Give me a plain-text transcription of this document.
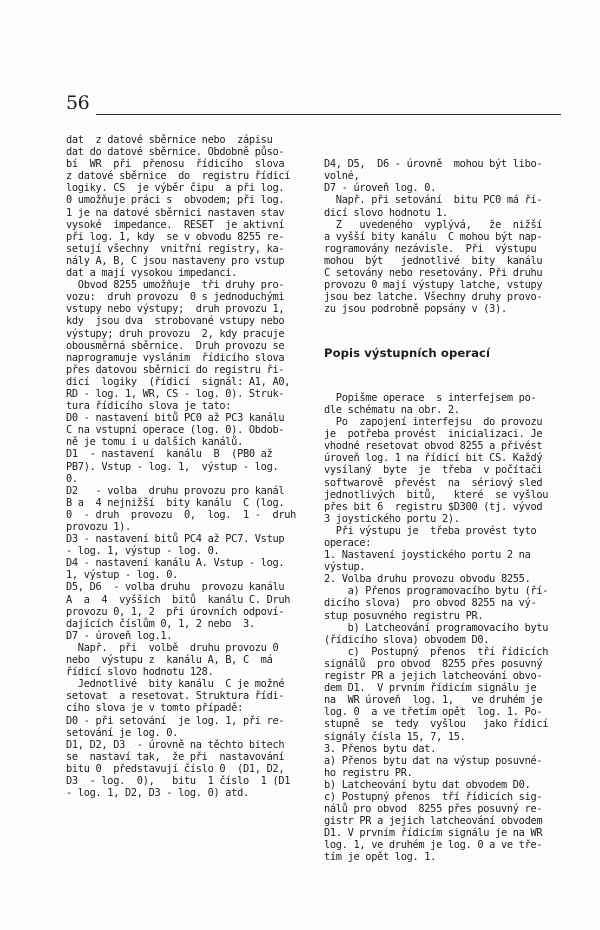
56
dat  z datové sběrnice nebo  zápisu
dat do datové sběrnice. Obdobně půso-
bí  WR  při  přenosu  řídicího  slova
z datové sběrnice  do  registru řídicí
logiky. CS  je výběr čipu  a při log.
0 umožňuje práci s  obvodem; při log.
1 je na datové sběrnici nastaven stav
vysoké  impedance.  RESET  je aktivní
při log. 1, kdy  se v obvodu 8255 re-
setují všechny  vnitřní registry, ka-
nály A, B, C jsou nastaveny pro vstup
dat a mají vysokou impedanci.
Obvod 8255 umožňuje  tři druhy pro-
vozu:  druh provozu  0 s jednoduchými
vstupy nebo výstupy;  druh provozu 1,
kdy  jsou dva  strobované vstupy nebo
výstupy; druh provozu  2, kdy pracuje
obousměrná sběrnice.  Druh provozu se
naprogramuje vyslánim  řídicího slova
přes datovou sběrnici do registru ři-
dicí  logiky  (řídicí  signál: A1, A0,
RD - log. 1, WR, CS - log. 0). Struk-
tura řídicího slova je tato:
D0 - nastavení bitů PC0 až PC3 kanálu
C na vstupní operace (log. 0). Obdob-
ně je tomu i u dalších kanálů.
D1  - nastavení  kanálu  B  (PB0 až
PB7). Vstup - log. 1,  výstup - log.
0.
D2   - volba  druhu provozu pro kanál
B a  4 nejnižší  bity kanálu  C (log.
0  - druh  provozu  0,  log.  1 -  druh
provozu 1).
D3 - nastavení bitů PC4 až PC7. Vstup
- log. 1, výstup - log. 0.
D4 - nastavení kanálu A. Vstup - log.
1, výstup - log. 0.
D5, D6  - volba druhu  provozu kanálu
A  a  4  vyšších  bitů  kanálu C. Druh
provozu 0, 1, 2  při úrovních odpoví-
dajících číslům 0, 1, 2 nebo  3.
D7 - úroveň log.1.
Např.  při  volbě  druhu provozu 0
nebo  výstupu z  kanálu A, B, C  má
řídicí slovo hodnotu 128.
Jednotlivé  bity kanálu  C je možné
setovat  a resetovat. Struktura řídi-
cího slova je v tomto případě:
D0 - při setování  je log. 1, při re-
setování je log. 0.
D1, D2, D3  - úrovně na těchto bitech
se  nastaví tak,  že při  nastavování
bitu 0  představují číslo 0  (D1, D2,
D3  - log.  0),   bitu  1 číslo  1 (D1
- log. 1, D2, D3 - log. 0) atd.

D4, D5,  D6 - úrovně  mohou být libo-
volné,
D7 - úroveň log. 0.
Např. při setování  bitu PC0 má ří-
dicí slovo hodnotu 1.
Z   uvedeného  vyplývá,   že  nižší
a vyšší bity kanálu  C mohou být nap-
rogramovány nezávisle.  Při  výstupu
mohou  být   jednotlivé  bity  kanálu
C setovány nebo resetovány. Při druhu
provozu 0 mají výstupy latche, vstupy
jsou bez latche. Všechny druhy provo-
zu jsou podrobně popsány v (3).

Popis výstupních operací

Popišme operace  s interfejsem po-
dle schématu na obr. 2.
Po  zapojení interfejsu  do provozu
je  potřeba provést  inicializaci. Je
vhodné resetovat obvod 8255 a přivést
úroveň log. 1 na řídicí bit CS. Každý
vysílaný  byte  je  třeba  v počítači
softwarově  převést  na  sériový sled
jednotlivých  bitů,   které  se vyšlou
přes bit 6  registru $D300 (tj. vývod
3 joystického portu 2).
Při výstupu je  třeba provést tyto
operace:
1. Nastavení joystického portu 2 na
výstup.
2. Volba druhu provozu obvodu 8255.
a) Přenos programovacího bytu (ří-
dicího slova)  pro obvod 8255 na vý-
stup posuvného registru PR.
b) Latcheování programovacího bytu
(řídicího slova) obvodem D0.
c)  Postupný  přenos  tří řídicích
signálů  pro obvod  8255 přes posuvný
registr PR a jejich latcheování obvo-
dem D1.  V prvním řídicím signálu je
na  WR úroveň  log. 1,   ve druhém je
log. 0  a ve třetím opět  log. 1. Po-
stupně  se  tedy  vyšlou   jako řídicí
signály čísla 15, 7, 15.
3. Přenos bytu dat.
a) Přenos bytu dat na výstup posuvné-
ho registru PR.
b) Latcheování bytu dat obvodem D0.
c) Postupný přenos  tří řídicích sig-
nálů pro obvod  8255 přes posuvný re-
gistr PR a jejich latcheování obvodem
D1. V prvním řídicím signálu je na WR
log. 1, ve druhém je log. 0 a ve tře-
tím je opět log. 1.
